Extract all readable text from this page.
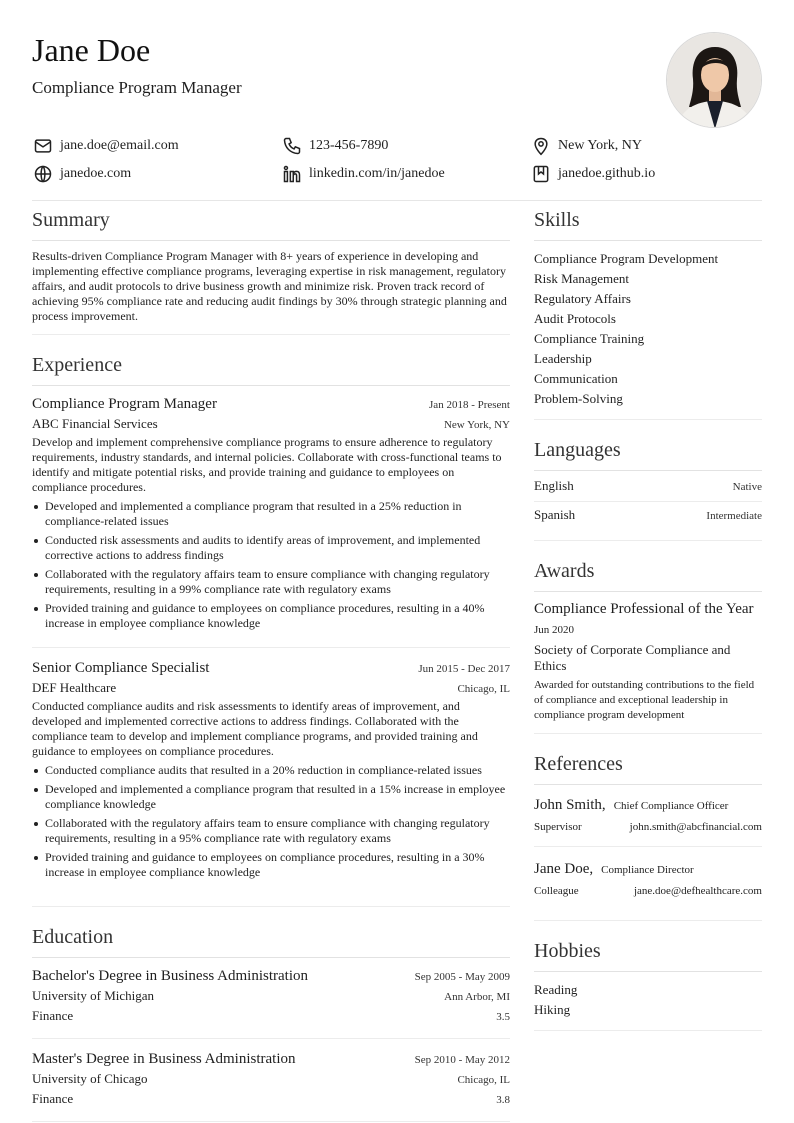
Jane Doe
Compliance Program Manager
jane.doe@email.com	123-456-7890	New York, NY
janedoe.com	linkedin.com/in/janedoe	janedoe.github.io
Summary
Results-driven Compliance Program Manager with 8+ years of experience in developing and implementing effective compliance programs, leveraging expertise in risk management, regulatory affairs, and audit protocols to drive business growth and minimize risk. Proven track record of achieving 95% compliance rate and reducing audit findings by 30% through strategic planning and process improvement.
Experience
Compliance Program Manager	Jan 2018 - Present
ABC Financial Services	New York, NY
Develop and implement comprehensive compliance programs to ensure adherence to regulatory requirements, industry standards, and internal policies. Collaborate with cross-functional teams to identify and mitigate potential risks, and provide training and guidance to employees on compliance procedures.
Developed and implemented a compliance program that resulted in a 25% reduction in compliance-related issues
Conducted risk assessments and audits to identify areas of improvement, and implemented corrective actions to address findings
Collaborated with the regulatory affairs team to ensure compliance with changing regulatory requirements, resulting in a 99% compliance rate with regulatory exams
Provided training and guidance to employees on compliance procedures, resulting in a 40% increase in employee compliance knowledge
Senior Compliance Specialist	Jun 2015 - Dec 2017
DEF Healthcare	Chicago, IL
Conducted compliance audits and risk assessments to identify areas of improvement, and developed and implemented corrective actions to address findings. Collaborated with the compliance team to develop and implement compliance programs, and provided training and guidance to employees on compliance procedures.
Conducted compliance audits that resulted in a 20% reduction in compliance-related issues
Developed and implemented a compliance program that resulted in a 15% increase in employee compliance knowledge
Collaborated with the regulatory affairs team to ensure compliance with changing regulatory requirements, resulting in a 95% compliance rate with regulatory exams
Provided training and guidance to employees on compliance procedures, resulting in a 30% increase in employee compliance knowledge
Education
Bachelor's Degree in Business Administration	Sep 2005 - May 2009
University of Michigan	Ann Arbor, MI
Finance	3.5
Master's Degree in Business Administration	Sep 2010 - May 2012
University of Chicago	Chicago, IL
Finance	3.8
Skills
Compliance Program Development
Risk Management
Regulatory Affairs
Audit Protocols
Compliance Training
Leadership
Communication
Problem-Solving
Languages
English	Native
Spanish	Intermediate
Awards
Compliance Professional of the Year
Jun 2020
Society of Corporate Compliance and Ethics
Awarded for outstanding contributions to the field of compliance and exceptional leadership in compliance program development
References
John Smith, Chief Compliance Officer
Supervisor	john.smith@abcfinancial.com
Jane Doe, Compliance Director
Colleague	jane.doe@defhealthcare.com
Hobbies
Reading
Hiking
